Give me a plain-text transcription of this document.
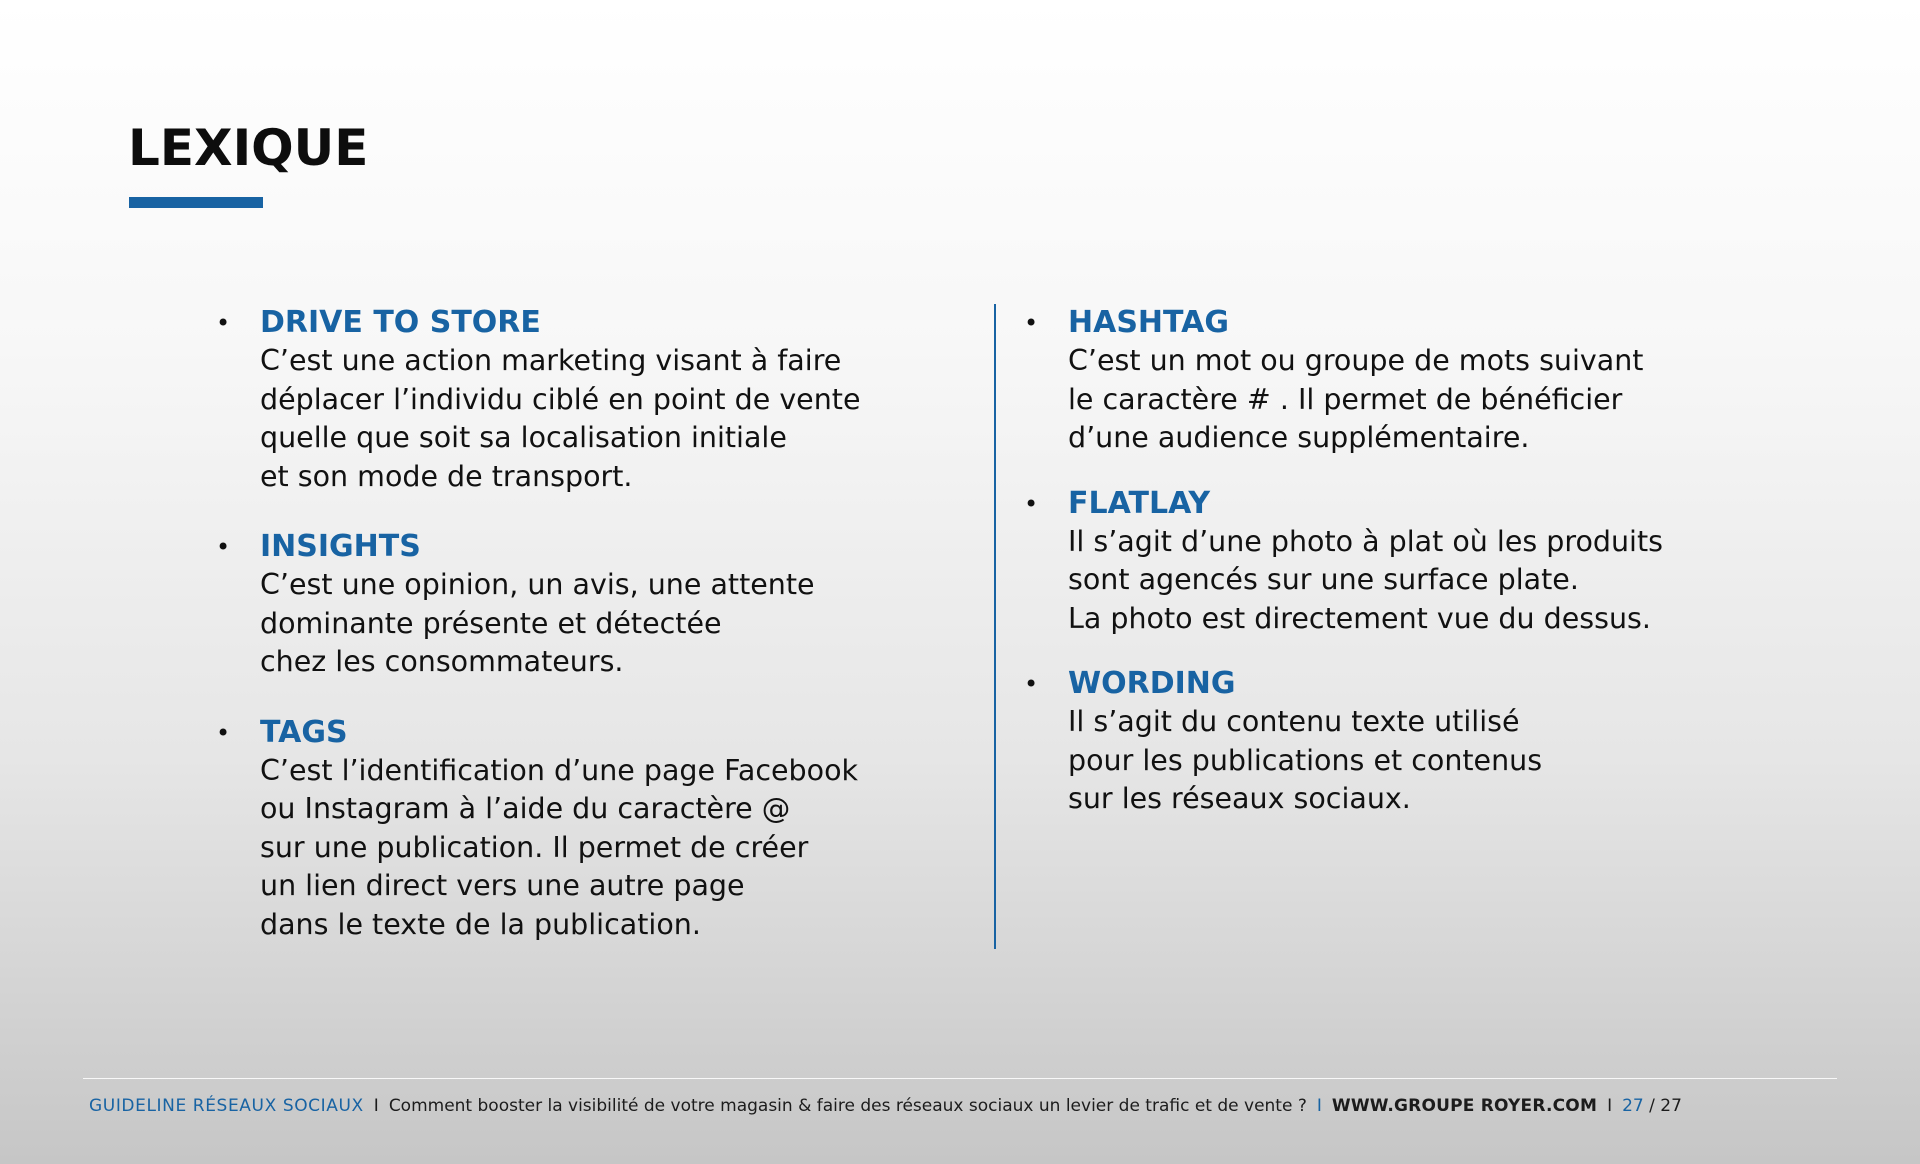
LEXIQUE
• DRIVE TO STORE
C’est une action marketing visant à faire
déplacer l’individu ciblé en point de vente
quelle que soit sa localisation initiale
et son mode de transport.
• INSIGHTS
C’est une opinion, un avis, une attente
dominante présente et détectée
chez les consommateurs.
• TAGS
C’est l’identification d’une page Facebook
ou Instagram à l’aide du caractère @
sur une publication. Il permet de créer
un lien direct vers une autre page
dans le texte de la publication.
• HASHTAG
C’est un mot ou groupe de mots suivant
le caractère # . Il permet de bénéficier
d’une audience supplémentaire.
• FLATLAY
Il s’agit d’une photo à plat où les produits
sont agencés sur une surface plate.
La photo est directement vue du dessus.
• WORDING
Il s’agit du contenu texte utilisé
pour les publications et contenus
sur les réseaux sociaux.
GUIDELINE RÉSEAUX SOCIAUX I Comment booster la visibilité de votre magasin & faire des réseaux sociaux un levier de trafic et de vente ? I WWW.GROUPE ROYER.COM I 27 / 27
